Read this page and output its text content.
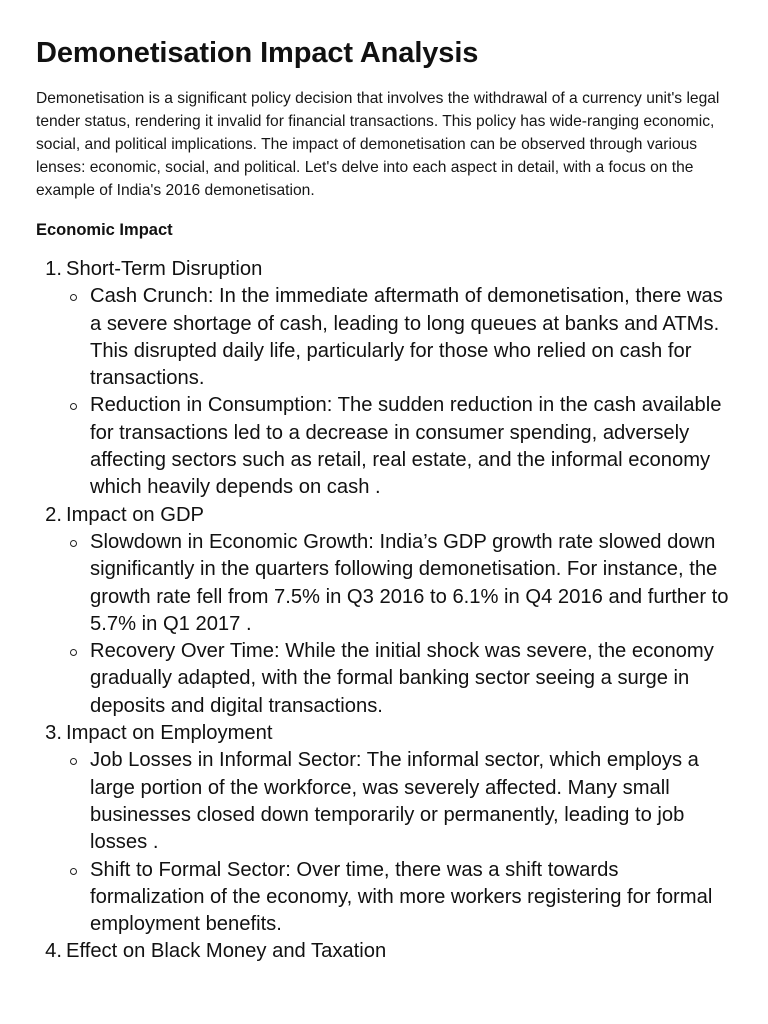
Demonetisation Impact Analysis

Demonetisation is a significant policy decision that involves the withdrawal of a currency unit's legal tender status, rendering it invalid for financial transactions. This policy has wide-ranging economic, social, and political implications. The impact of demonetisation can be observed through various lenses: economic, social, and political. Let's delve into each aspect in detail, with a focus on the example of India's 2016 demonetisation.

Economic Impact
1. Short-Term Disruption
Cash Crunch: In the immediate aftermath of demonetisation, there was a severe shortage of cash, leading to long queues at banks and ATMs. This disrupted daily life, particularly for those who relied on cash for transactions.
Reduction in Consumption: The sudden reduction in the cash available for transactions led to a decrease in consumer spending, adversely affecting sectors such as retail, real estate, and the informal economy which heavily depends on cash .
2. Impact on GDP
Slowdown in Economic Growth: India’s GDP growth rate slowed down significantly in the quarters following demonetisation. For instance, the growth rate fell from 7.5% in Q3 2016 to 6.1% in Q4 2016 and further to 5.7% in Q1 2017 .
Recovery Over Time: While the initial shock was severe, the economy gradually adapted, with the formal banking sector seeing a surge in deposits and digital transactions.
3. Impact on Employment
Job Losses in Informal Sector: The informal sector, which employs a large portion of the workforce, was severely affected. Many small businesses closed down temporarily or permanently, leading to job losses .
Shift to Formal Sector: Over time, there was a shift towards formalization of the economy, with more workers registering for formal employment benefits.
4. Effect on Black Money and Taxation
